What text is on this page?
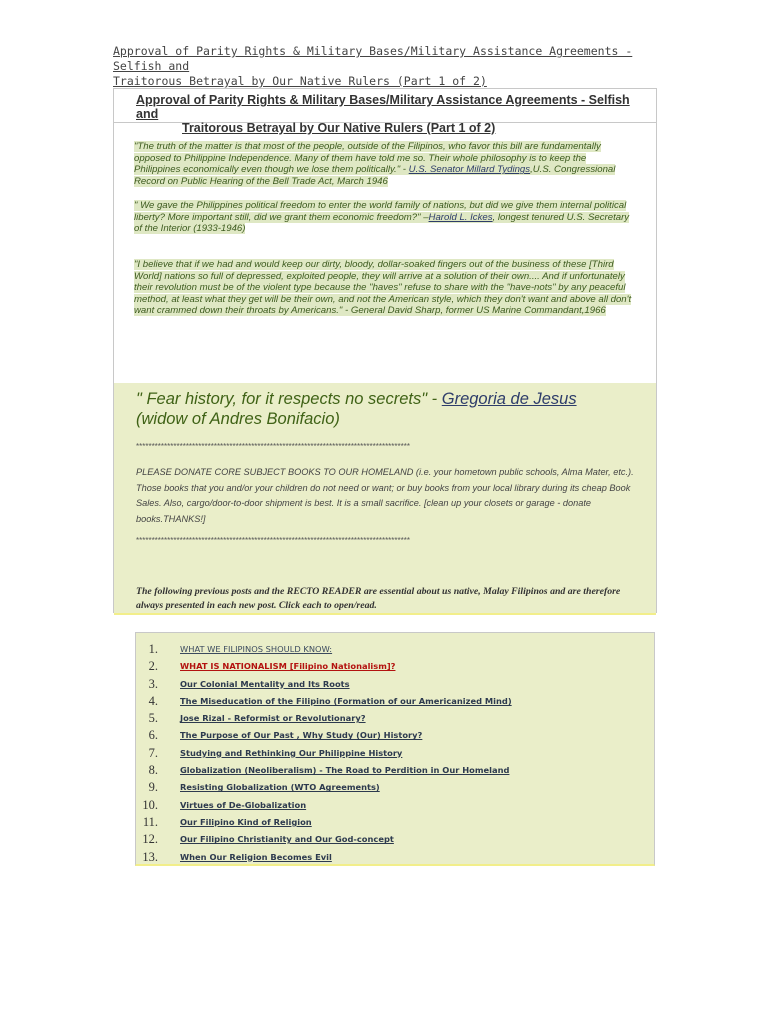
Approval of Parity Rights & Military Bases/Military Assistance Agreements - Selfish and
Traitorous Betrayal by Our Native Rulers (Part 1 of 2)
Approval of Parity Rights & Military Bases/Military Assistance Agreements - Selfish and
Traitorous Betrayal by Our Native Rulers (Part 1 of 2)
"The truth of the matter is that most of the people, outside of the Filipinos, who favor this bill are fundamentally opposed to Philippine Independence. Many of them have told me so. Their whole philosophy is to keep the Philippines economically even though we lose them politically." - U.S. Senator Millard Tydings,U.S. Congressional Record on Public Hearing of the Bell Trade Act, March 1946
" We gave the Philippines political freedom to enter the world family of nations, but did we give them internal political liberty? More important still, did we grant them economic freedom?" –Harold L. Ickes, longest tenured U.S. Secretary of the Interior (1933-1946)
"I believe that if we had and would keep our dirty, bloody, dollar-soaked fingers out of the business of these [Third World] nations so full of depressed, exploited people, they will arrive at a solution of their own.... And if unfortunately their revolution must be of the violent type because the "haves" refuse to share with the "have-nots" by any peaceful method, at least what they get will be their own, and not the American style, which they don't want and above all don't want crammed down their throats by Americans." - General David Sharp, former US Marine Commandant,1966
" Fear history, for it respects no secrets" - Gregoria de Jesus (widow of Andres Bonifacio)
****************************************************************************************
PLEASE DONATE CORE SUBJECT BOOKS TO OUR HOMELAND (i.e. your hometown public schools, Alma Mater, etc.). Those books that you and/or your children do not need or want; or buy books from your local library during its cheap Book Sales. Also, cargo/door-to-door shipment is best. It is a small sacrifice. [clean up your closets or garage - donate books.THANKS!]
****************************************************************************************
The following previous posts and the RECTO READER are essential about us native, Malay Filipinos and are therefore always presented in each new post. Click each to open/read.
1.	WHAT WE FILIPINOS SHOULD KNOW:
2.	WHAT IS NATIONALISM [Filipino Nationalism]?
3.	Our Colonial Mentality and Its Roots
4.	The Miseducation of the Filipino (Formation of our Americanized Mind)
5.	Jose Rizal - Reformist or Revolutionary?
6.	The Purpose of Our Past , Why Study (Our) History?
7.	Studying and Rethinking Our Philippine History
8.	Globalization (Neoliberalism) - The Road to Perdition in Our Homeland
9.	Resisting Globalization (WTO Agreements)
10.	Virtues of De-Globalization
11.	Our Filipino Kind of Religion
12.	Our Filipino Christianity and Our God-concept
13.	When Our Religion Becomes Evil
